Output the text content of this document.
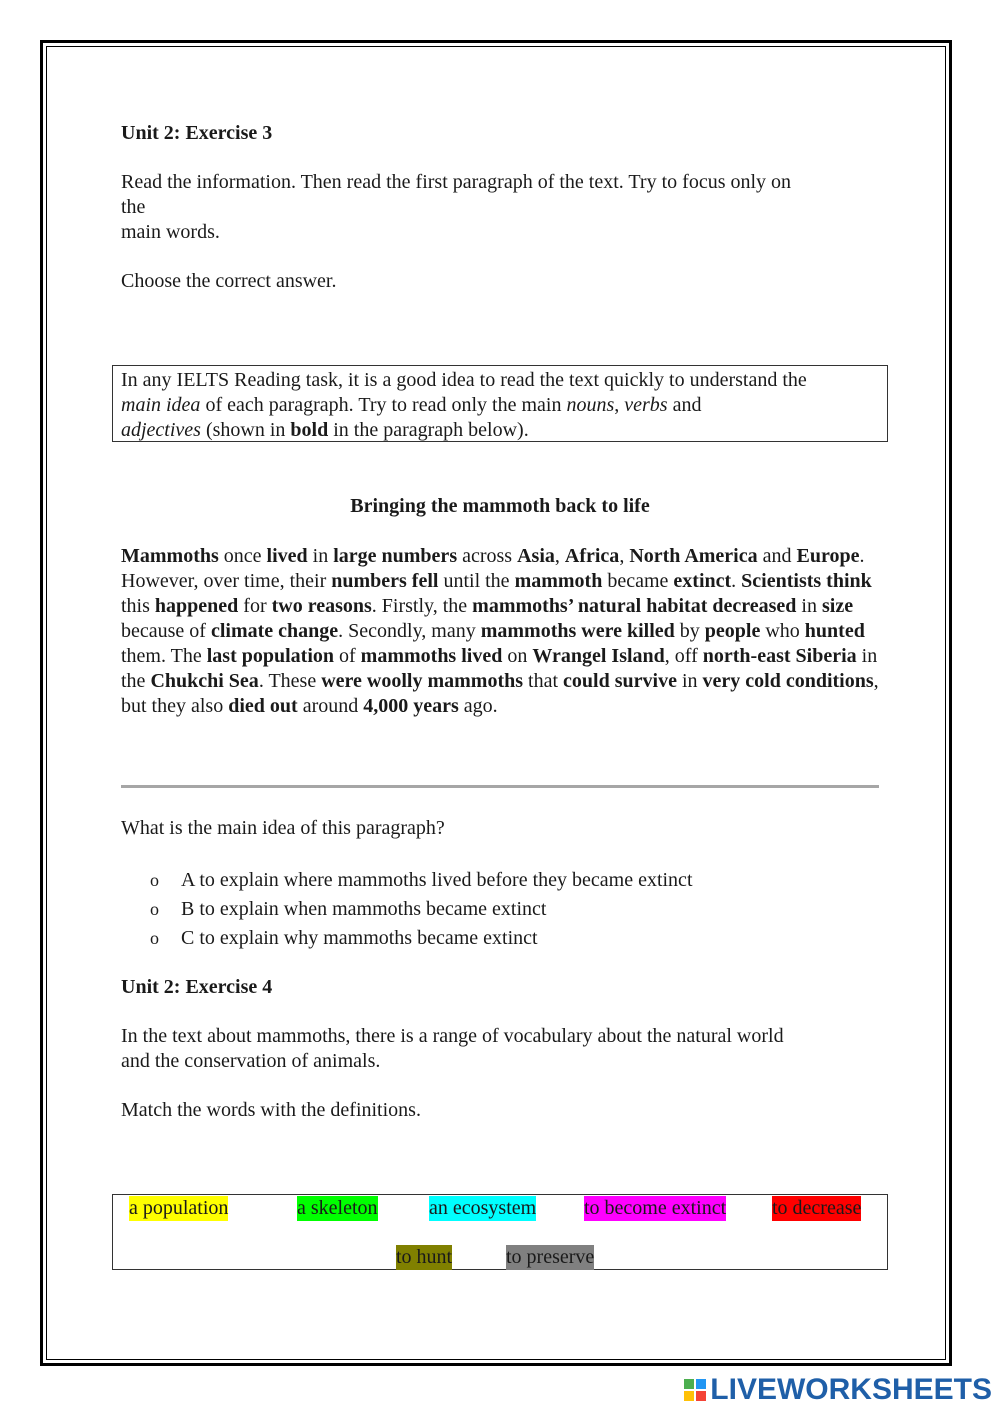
Unit 2: Exercise 3

Read the information. Then read the first paragraph of the text. Try to focus only on
the
main words.

Choose the correct answer.

In any IELTS Reading task, it is a good idea to read the text quickly to understand the
main idea of each paragraph. Try to read only the main nouns, verbs and
adjectives (shown in bold in the paragraph below).
Bringing the mammoth back to life
Mammoths once lived in large numbers across Asia, Africa, North America and Europe. However, over time, their numbers fell until the mammoth became extinct. Scientists think this happened for two reasons. Firstly, the mammoths’ natural habitat decreased in size because of climate change. Secondly, many mammoths were killed by people who hunted them. The last population of mammoths lived on Wrangel Island, off north-east Siberia in the Chukchi Sea. These were woolly mammoths that could survive in very cold conditions, but they also died out around 4,000 years ago.

What is the main idea of this paragraph?

o	A to explain where mammoths lived before they became extinct
o	B to explain when mammoths became extinct
o	C to explain why mammoths became extinct

Unit 2: Exercise 4

In the text about mammoths, there is a range of vocabulary about the natural world
and the conservation of animals.

Match the words with the definitions.

a population	a skeleton	an ecosystem to become extinct to decrease
to hunt	to preserve
LIVEWORKSHEETS
